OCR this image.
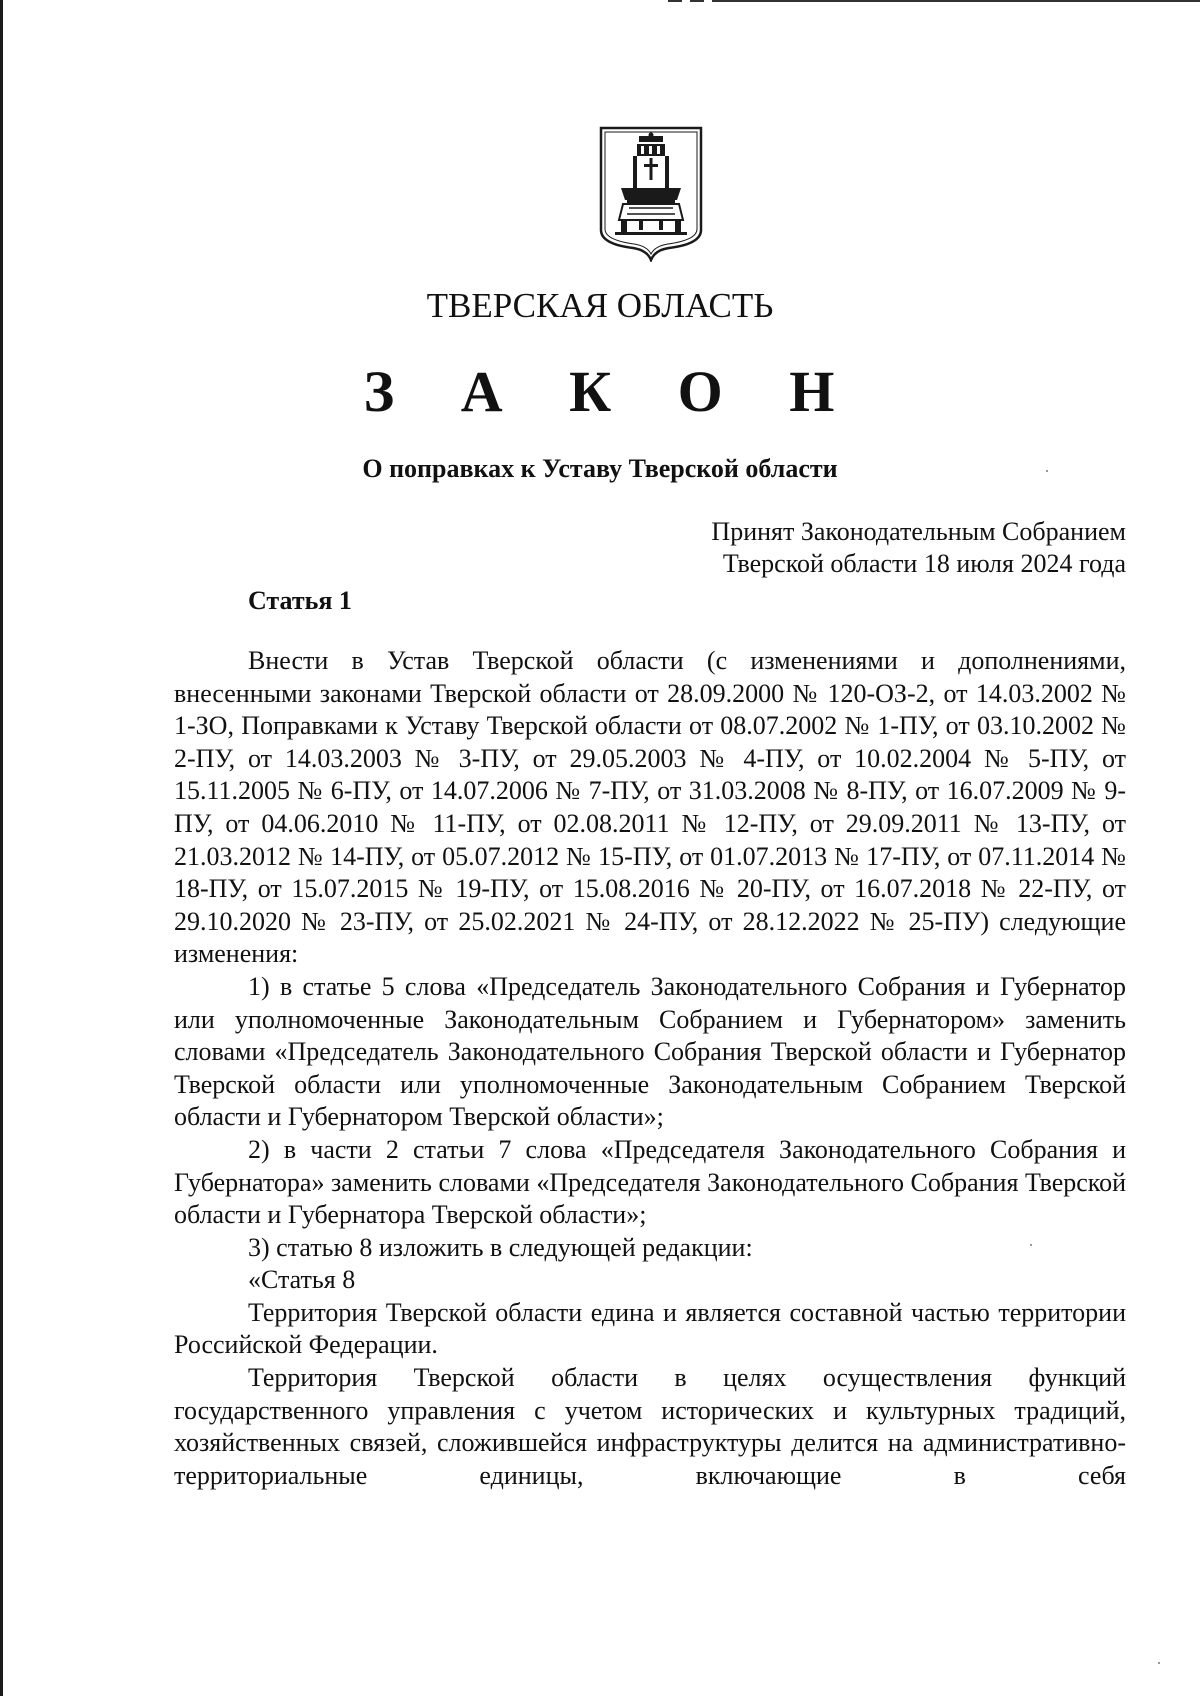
ТВЕРСКАЯ ОБЛАСТЬ
З А К О Н
О поправках к Уставу Тверской области
Принят Законодательным Собранием
Тверской области 18 июля 2024 года
Статья 1

Внести в Устав Тверской области (с изменениями и дополнениями, внесенными законами Тверской области от 28.09.2000 № 120-ОЗ-2, от 14.03.2002 № 1-ЗО, Поправками к Уставу Тверской области от 08.07.2002 № 1-ПУ, от 03.10.2002 № 2-ПУ, от 14.03.2003 № 3-ПУ, от 29.05.2003 № 4-ПУ, от 10.02.2004 № 5-ПУ, от 15.11.2005 № 6-ПУ, от 14.07.2006 № 7-ПУ, от 31.03.2008 № 8-ПУ, от 16.07.2009 № 9-ПУ, от 04.06.2010 № 11-ПУ, от 02.08.2011 № 12-ПУ, от 29.09.2011 № 13-ПУ, от 21.03.2012 № 14-ПУ, от 05.07.2012 № 15-ПУ, от 01.07.2013 № 17-ПУ, от 07.11.2014 № 18-ПУ, от 15.07.2015 № 19-ПУ, от 15.08.2016 № 20-ПУ, от 16.07.2018 № 22-ПУ, от 29.10.2020 № 23-ПУ, от 25.02.2021 № 24-ПУ, от 28.12.2022 № 25-ПУ) следующие изменения:

1) в статье 5 слова «Председатель Законодательного Собрания и Губернатор или уполномоченные Законодательным Собранием и Губернатором» заменить словами «Председатель Законодательного Собрания Тверской области и Губернатор Тверской области или уполномоченные Законодательным Собранием Тверской области и Губернатором Тверской области»;

2) в части 2 статьи 7 слова «Председателя Законодательного Собрания и Губернатора» заменить словами «Председателя Законодательного Собрания Тверской области и Губернатора Тверской области»;

3) статью 8 изложить в следующей редакции:

«Статья 8

Территория Тверской области едина и является составной частью территории Российской Федерации.

Территория Тверской области в целях осуществления функций государственного управления с учетом исторических и культурных традиций, хозяйственных связей, сложившейся инфраструктуры делится на административно-территориальные единицы, включающие в себя
